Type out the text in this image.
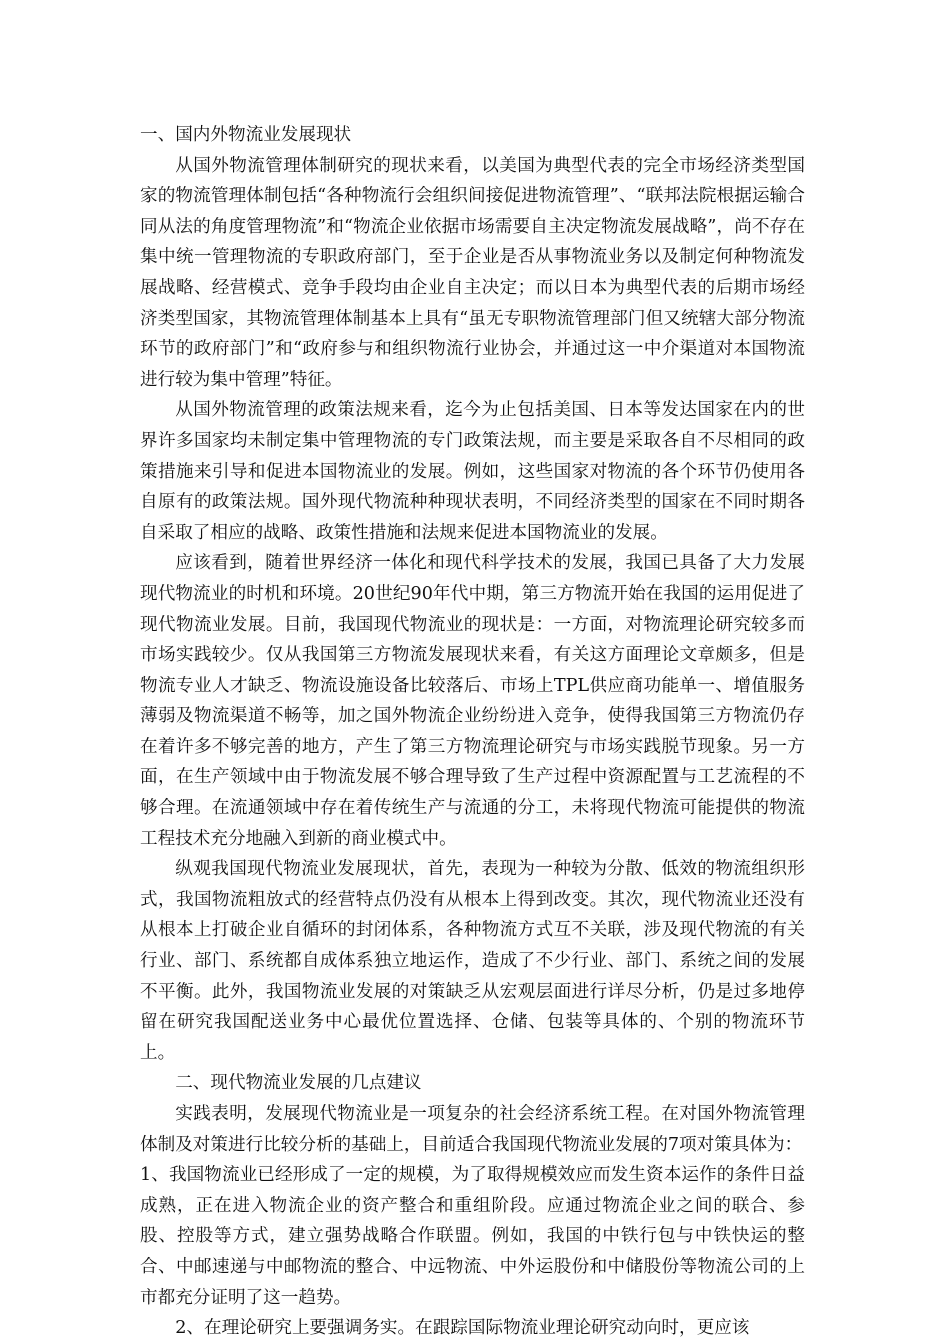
一、国内外物流业发展现状

从国外物流管理体制研究的现状来看，以美国为典型代表的完全市场经济类型国家的物流管理体制包括“各种物流行会组织间接促进物流管理”、“联邦法院根据运输合同从法的角度管理物流”和“物流企业依据市场需要自主决定物流发展战略”，尚不存在集中统一管理物流的专职政府部门，至于企业是否从事物流业务以及制定何种物流发展战略、经营模式、竞争手段均由企业自主决定；而以日本为典型代表的后期市场经济类型国家，其物流管理体制基本上具有“虽无专职物流管理部门但又统辖大部分物流环节的政府部门”和“政府参与和组织物流行业协会，并通过这一中介渠道对本国物流进行较为集中管理”特征。

从国外物流管理的政策法规来看，迄今为止包括美国、日本等发达国家在内的世界许多国家均未制定集中管理物流的专门政策法规，而主要是采取各自不尽相同的政策措施来引导和促进本国物流业的发展。例如，这些国家对物流的各个环节仍使用各自原有的政策法规。国外现代物流种种现状表明，不同经济类型的国家在不同时期各自采取了相应的战略、政策性措施和法规来促进本国物流业的发展。

应该看到，随着世界经济一体化和现代科学技术的发展，我国已具备了大力发展现代物流业的时机和环境。20世纪90年代中期，第三方物流开始在我国的运用促进了现代物流业发展。目前，我国现代物流业的现状是：一方面，对物流理论研究较多而市场实践较少。仅从我国第三方物流发展现状来看，有关这方面理论文章颇多，但是物流专业人才缺乏、物流设施设备比较落后、市场上TPL供应商功能单一、增值服务薄弱及物流渠道不畅等，加之国外物流企业纷纷进入竞争，使得我国第三方物流仍存在着许多不够完善的地方，产生了第三方物流理论研究与市场实践脱节现象。另一方面，在生产领域中由于物流发展不够合理导致了生产过程中资源配置与工艺流程的不够合理。在流通领域中存在着传统生产与流通的分工，未将现代物流可能提供的物流工程技术充分地融入到新的商业模式中。

纵观我国现代物流业发展现状，首先，表现为一种较为分散、低效的物流组织形式，我国物流粗放式的经营特点仍没有从根本上得到改变。其次，现代物流业还没有从根本上打破企业自循环的封闭体系，各种物流方式互不关联，涉及现代物流的有关行业、部门、系统都自成体系独立地运作，造成了不少行业、部门、系统之间的发展不平衡。此外，我国物流业发展的对策缺乏从宏观层面进行详尽分析，仍是过多地停留在研究我国配送业务中心最优位置选择、仓储、包装等具体的、个别的物流环节上。

二、现代物流业发展的几点建议

实践表明，发展现代物流业是一项复杂的社会经济系统工程。在对国外物流管理体制及对策进行比较分析的基础上，目前适合我国现代物流业发展的7项对策具体为：

1、我国物流业已经形成了一定的规模，为了取得规模效应而发生资本运作的条件日益成熟，正在进入物流企业的资产整合和重组阶段。应通过物流企业之间的联合、参股、控股等方式，建立强势战略合作联盟。例如，我国的中铁行包与中铁快运的整合、中邮速递与中邮物流的整合、中远物流、中外运股份和中储股份等物流公司的上市都充分证明了这一趋势。

2、在理论研究上要强调务实。在跟踪国际物流业理论研究动向时，更应该
